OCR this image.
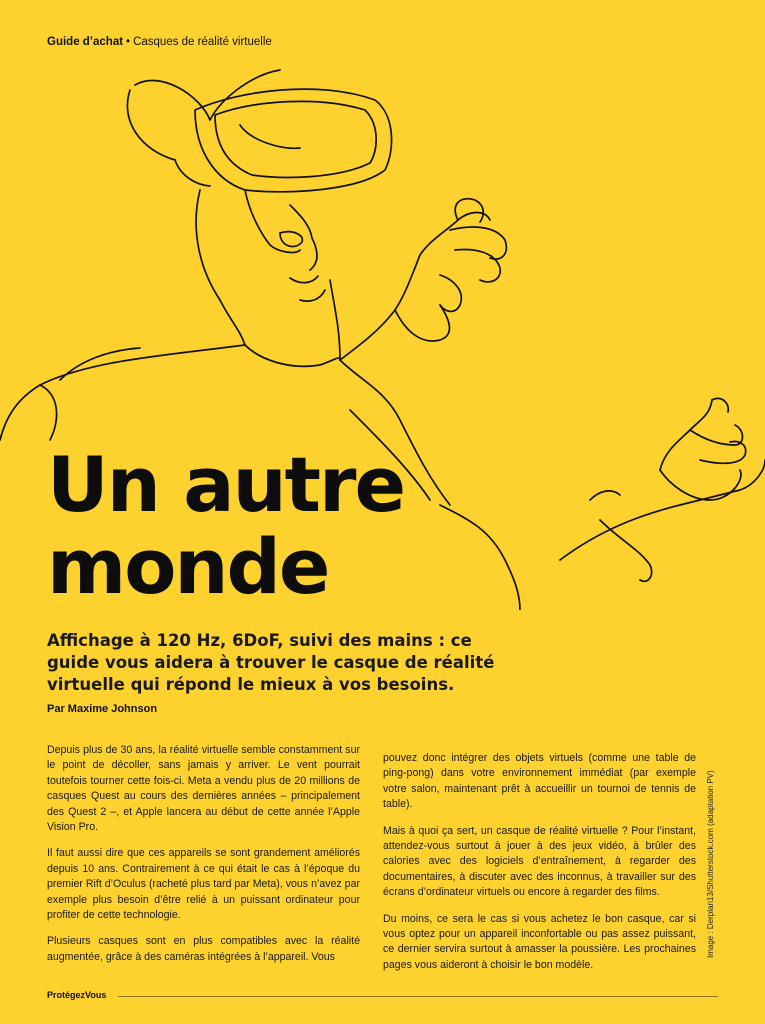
Guide d’achat • Casques de réalité virtuelle
Un autre
monde

Affichage à 120 Hz, 6DoF, suivi des mains : ce guide vous aidera à trouver le casque de réalité virtuelle qui répond le mieux à vos besoins.

Par Maxime Johnson

Depuis plus de 30 ans, la réalité virtuelle semble constamment sur le point de décoller, sans jamais y arriver. Le vent pourrait toutefois tourner cette fois-ci. Meta a vendu plus de 20 millions de casques Quest au cours des dernières années – principalement des Quest 2 –, et Apple lancera au début de cette année l’Apple Vision Pro.

Il faut aussi dire que ces appareils se sont grandement améliorés depuis 10 ans. Contrairement à ce qui était le cas à l’époque du premier Rift d’Oculus (racheté plus tard par Meta), vous n’avez par exemple plus besoin d’être relié à un puissant ordinateur pour profiter de cette technologie.

Plusieurs casques sont en plus compatibles avec la réalité augmentée, grâce à des caméras intégrées à l’appareil. Vous

pouvez donc intégrer des objets virtuels (comme une table de ping-pong) dans votre environnement immédiat (par exemple votre salon, maintenant prêt à accueillir un tournoi de tennis de table).

Mais à quoi ça sert, un casque de réalité virtuelle ? Pour l’instant, attendez-vous surtout à jouer à des jeux vidéo, à brûler des calories avec des logiciels d’entraînement, à regarder des documentaires, à discuter avec des inconnus, à travailler sur des écrans d’ordinateur virtuels ou encore à regarder des films.

Du moins, ce sera le cas si vous achetez le bon casque, car si vous optez pour un appareil inconfortable ou pas assez puissant, ce dernier servira surtout à amasser la poussière. Les prochaines pages vous aideront à choisir le bon modèle.

Image : Derplan13/Shutterstock.com (adaptation PV)
ProtégezVous
